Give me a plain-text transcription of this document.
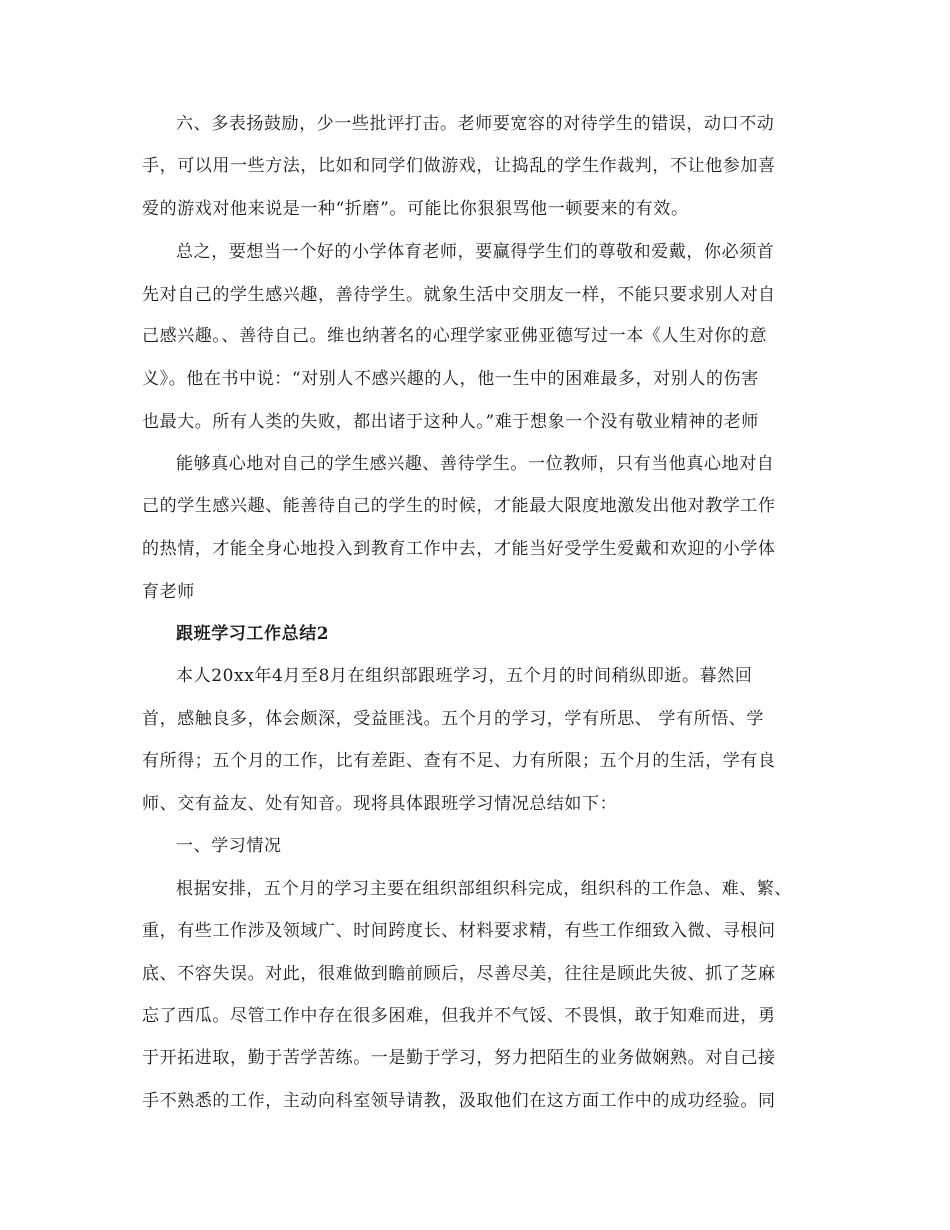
六、多表扬鼓励，少一些批评打击。老师要宽容的对待学生的错误，动口不动
手，可以用一些方法，比如和同学们做游戏，让捣乱的学生作裁判，不让他参加喜
爱的游戏对他来说是一种“折磨”。可能比你狠狠骂他一顿要来的有效。
总之，要想当一个好的小学体育老师，要赢得学生们的尊敬和爱戴，你必须首
先对自己的学生感兴趣，善待学生。就象生活中交朋友一样，不能只要求别人对自
己感兴趣。、善待自己。维也纳著名的心理学家亚佛亚德写过一本《人生对你的意
义》。他在书中说：“对别人不感兴趣的人，他一生中的困难最多，对别人的伤害
也最大。所有人类的失败，都出诸于这种人。”难于想象一个没有敬业精神的老师
能够真心地对自己的学生感兴趣、善待学生。一位教师，只有当他真心地对自
己的学生感兴趣、能善待自己的学生的时候，才能最大限度地激发出他对教学工作
的热情，才能全身心地投入到教育工作中去，才能当好受学生爱戴和欢迎的小学体
育老师
跟班学习工作总结2
本人20xx年4月至8月在组织部跟班学习，五个月的时间稍纵即逝。暮然回
首，感触良多，体会颇深，受益匪浅。五个月的学习，学有所思、 学有所悟、学
有所得；五个月的工作，比有差距、查有不足、力有所限；五个月的生活，学有良
师、交有益友、处有知音。现将具体跟班学习情况总结如下：
一、学习情况
根据安排，五个月的学习主要在组织部组织科完成，组织科的工作急、难、繁、
重，有些工作涉及领域广、时间跨度长、材料要求精，有些工作细致入微、寻根问
底、不容失误。对此，很难做到瞻前顾后，尽善尽美，往往是顾此失彼、抓了芝麻
忘了西瓜。尽管工作中存在很多困难，但我并不气馁、不畏惧，敢于知难而进，勇
于开拓进取，勤于苦学苦练。一是勤于学习，努力把陌生的业务做娴熟。对自己接
手不熟悉的工作，主动向科室领导请教，汲取他们在这方面工作中的成功经验。同
